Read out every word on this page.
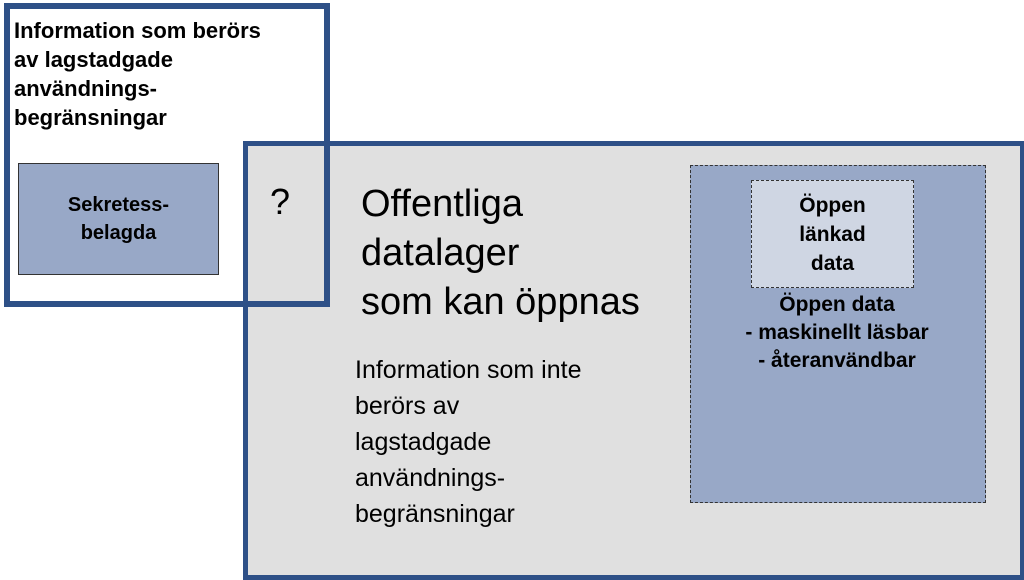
Information som berörs
av lagstadgade
användnings-
begränsningar
Sekretess-
belagda
? Offentliga
datalager
som kan öppnas
Information som inte
berörs av
lagstadgade
användnings-
begränsningar
Öppen
länkad
data
Öppen data
- maskinellt läsbar
- återanvändbar
